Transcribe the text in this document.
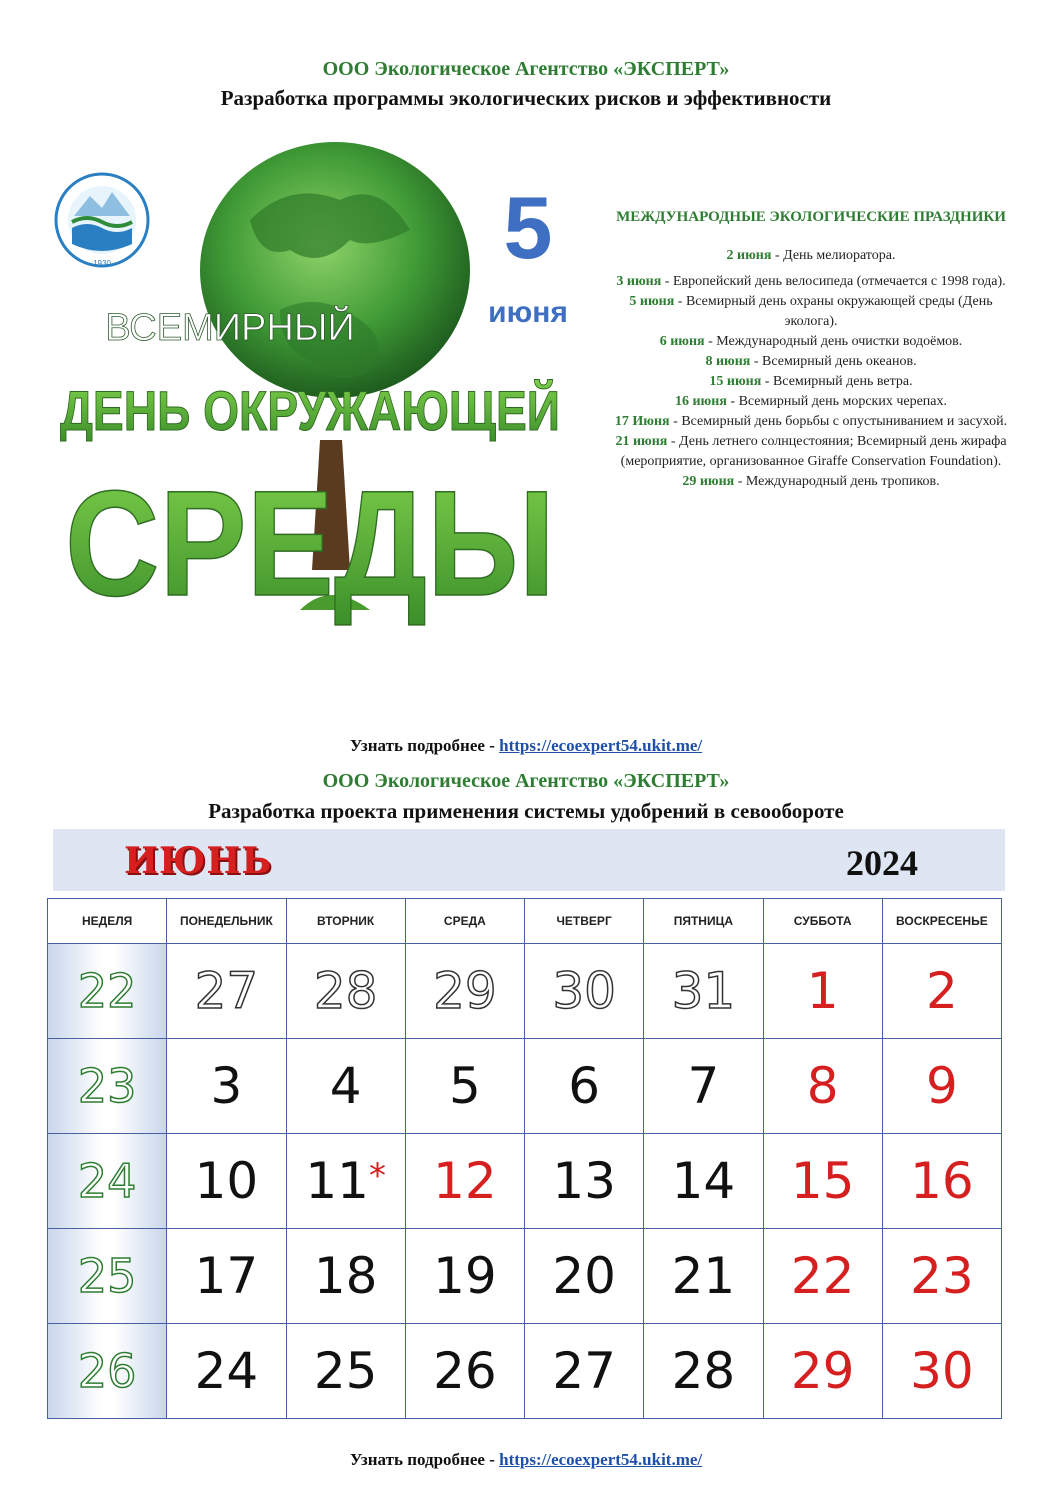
ООО Экологическое Агентство «ЭКСПЕРТ»
Разработка программы экологических рисков и эффективности
1930	5
июня
ВСЕМИРНЫЙ
ДЕНЬ ОКРУЖАЮЩЕЙ
СРЕДЫ
МЕЖДУНАРОДНЫЕ ЭКОЛОГИЧЕСКИЕ ПРАЗДНИКИ
2 июня - День мелиоратора.
3 июня - Европейский день велосипеда (отмечается с 1998 года).
5 июня - Всемирный день охраны окружающей среды (День эколога).
6 июня - Международный день очистки водоёмов.
8 июня - Всемирный день океанов.
15 июня - Всемирный день ветра.
16 июня - Всемирный день морских черепах.
17 Июня - Всемирный день борьбы с опустыниванием и засухой.
21 июня - День летнего солнцестояния; Всемирный день жирафа (мероприятие, организованное Giraffe Conservation Foundation).
29 июня - Международный день тропиков.
Узнать подробнее - https://ecoexpert54.ukit.me/
ООО Экологическое Агентство «ЭКСПЕРТ»
Разработка проекта применения системы удобрений в севообороте
ИЮНЬ	2024
НЕДЕЛЯ	ПОНЕДЕЛЬНИК	ВТОРНИК	СРЕДА	ЧЕТВЕРГ	ПЯТНИЦА	СУББОТА	ВОСКРЕСЕНЬЕ
22	27	28	29	30	31	1	2
23	3	4	5	6	7	8	9
24	10	11*	12	13	14	15	16
25	17	18	19	20	21	22	23
26	24	25	26	27	28	29	30
Узнать подробнее - https://ecoexpert54.ukit.me/
